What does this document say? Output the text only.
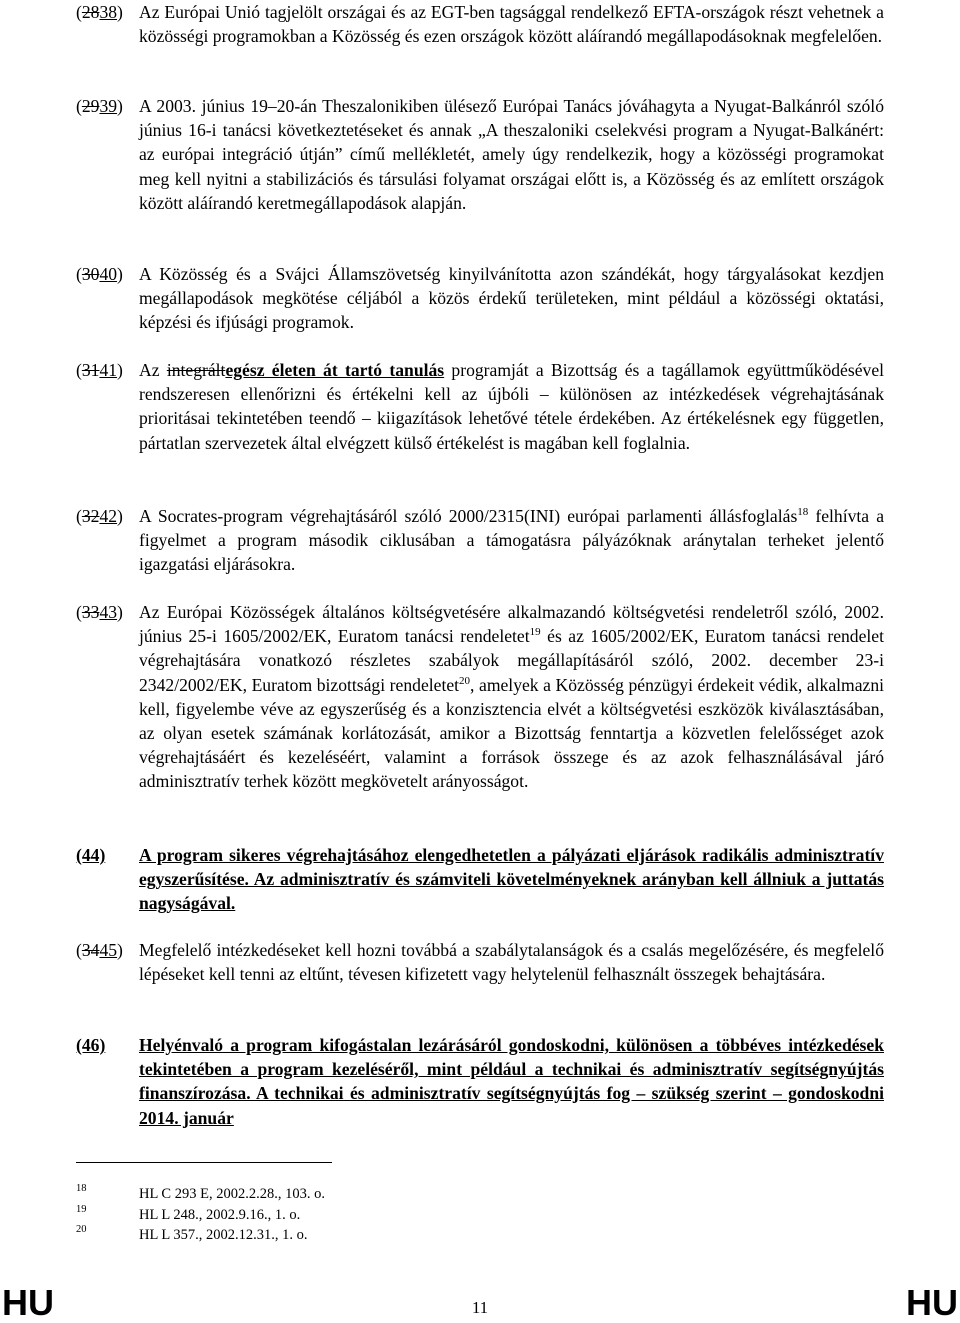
(2838) Az Európai Unió tagjelölt országai és az EGT-ben tagsággal rendelkező EFTA-országok részt vehetnek a közösségi programokban a Közösség és ezen országok között aláírandó megállapodásoknak megfelelően.
(2939) A 2003. június 19–20-án Theszalonikiben ülésező Európai Tanács jóváhagyta a Nyugat-Balkánról szóló június 16-i tanácsi következtetéseket és annak „A theszaloniki cselekvési program a Nyugat-Balkánért: az európai integráció útján” című mellékletét, amely úgy rendelkezik, hogy a közösségi programokat meg kell nyitni a stabilizációs és társulási folyamat országai előtt is, a Közösség és az említett országok között aláírandó keretmegállapodások alapján.
(3040) A Közösség és a Svájci Államszövetség kinyilvánította azon szándékát, hogy tárgyalásokat kezdjen megállapodások megkötése céljából a közös érdekű területeken, mint például a közösségi oktatási, képzési és ifjúsági programok.
(3141) Az integráltegész életen át tartó tanulás programját a Bizottság és a tagállamok együttműködésével rendszeresen ellenőrizni és értékelni kell az újbóli – különösen az intézkedések végrehajtásának prioritásai tekintetében teendő – kiigazítások lehetővé tétele érdekében. Az értékelésnek egy független, pártatlan szervezetek által elvégzett külső értékelést is magában kell foglalnia.
(3242) A Socrates-program végrehajtásáról szóló 2000/2315(INI) európai parlamenti állásfoglalás$^{18}$ felhívta a figyelmet a program második ciklusában a támogatásra pályázóknak aránytalan terheket jelentő igazgatási eljárásokra.
(3343) Az Európai Közösségek általános költségvetésére alkalmazandó költségvetési rendeletről szóló, 2002. június 25-i 1605/2002/EK, Euratom tanácsi rendeletet$^{19}$ és az 1605/2002/EK, Euratom tanácsi rendelet végrehajtására vonatkozó részletes szabályok megállapításáról szóló, 2002. december 23-i 2342/2002/EK, Euratom bizottsági rendeletet$^{20}$, amelyek a Közösség pénzügyi érdekeit védik, alkalmazni kell, figyelembe véve az egyszerűség és a konzisztencia elvét a költségvetési eszközök kiválasztásában, az olyan esetek számának korlátozását, amikor a Bizottság fenntartja a közvetlen felelősséget azok végrehajtásáért és kezeléséért, valamint a források összege és az azok felhasználásával járó adminisztratív terhek között megkövetelt arányosságot.
(44) A program sikeres végrehajtásához elengedhetetlen a pályázati eljárások radikális adminisztratív egyszerűsítése. Az adminisztratív és számviteli követelményeknek arányban kell állniuk a juttatás nagyságával.
(3445) Megfelelő intézkedéseket kell hozni továbbá a szabálytalanságok és a csalás megelőzésére, és megfelelő lépéseket kell tenni az eltűnt, tévesen kifizetett vagy helytelenül felhasznált összegek behajtására.
(46) Helyénvaló a program kifogástalan lezárásáról gondoskodni, különösen a többéves intézkedések tekintetében a program kezeléséről, mint például a technikai és adminisztratív segítségnyújtás finanszírozása. A technikai és adminisztratív segítségnyújtás fog – szükség szerint – gondoskodni 2014. január
18	HL C 293 E, 2002.2.28., 103. o.
19	HL L 248., 2002.9.16., 1. o.
20	HL L 357., 2002.12.31., 1. o.
HU	11	HU
